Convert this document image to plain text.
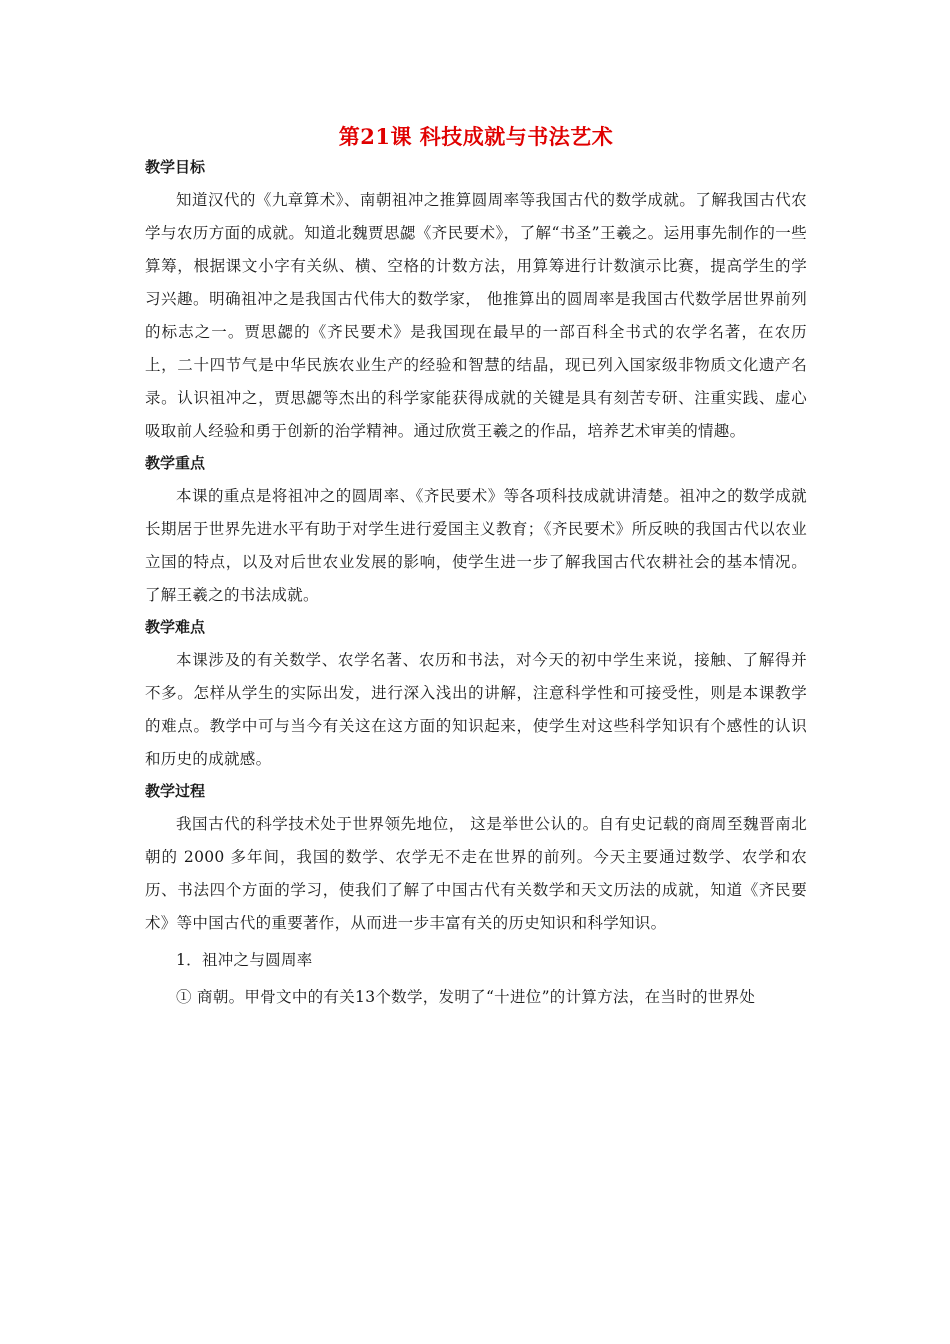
第21课 科技成就与书法艺术
教学目标

知道汉代的《九章算术》、南朝祖冲之推算圆周率等我国古代的数学成就。了解我国古代农学与农历方面的成就。知道北魏贾思勰《齐民要术》，了解“书圣”王羲之。运用事先制作的一些算筹，根据课文小字有关纵、横、空格的计数方法，用算筹进行计数演示比赛，提高学生的学习兴趣。明确祖冲之是我国古代伟大的数学家， 他推算出的圆周率是我国古代数学居世界前列的标志之一。贾思勰的《齐民要术》是我国现在最早的一部百科全书式的农学名著，在农历上，二十四节气是中华民族农业生产的经验和智慧的结晶，现已列入国家级非物质文化遗产名录。认识祖冲之，贾思勰等杰出的科学家能获得成就的关键是具有刻苦专研、注重实践、虚心吸取前人经验和勇于创新的治学精神。通过欣赏王羲之的作品，培养艺术审美的情趣。

教学重点

本课的重点是将祖冲之的圆周率、《齐民要术》等各项科技成就讲清楚。祖冲之的数学成就长期居于世界先进水平有助于对学生进行爱国主义教育；《齐民要术》所反映的我国古代以农业立国的特点，以及对后世农业发展的影响，使学生进一步了解我国古代农耕社会的基本情况。了解王羲之的书法成就。

教学难点

本课涉及的有关数学、农学名著、农历和书法，对今天的初中学生来说，接触、了解得并不多。怎样从学生的实际出发，进行深入浅出的讲解，注意科学性和可接受性，则是本课教学的难点。教学中可与当今有关这在这方面的知识起来，使学生对这些科学知识有个感性的认识和历史的成就感。

教学过程

我国古代的科学技术处于世界领先地位， 这是举世公认的。自有史记载的商周至魏晋南北朝的 2000 多年间，我国的数学、农学无不走在世界的前列。今天主要通过数学、农学和农历、书法四个方面的学习，使我们了解了中国古代有关数学和天文历法的成就，知道《齐民要术》等中国古代的重要著作，从而进一步丰富有关的历史知识和科学知识。

1．祖冲之与圆周率
① 商朝。甲骨文中的有关13个数学，发明了“十进位”的计算方法，在当时的世界处
